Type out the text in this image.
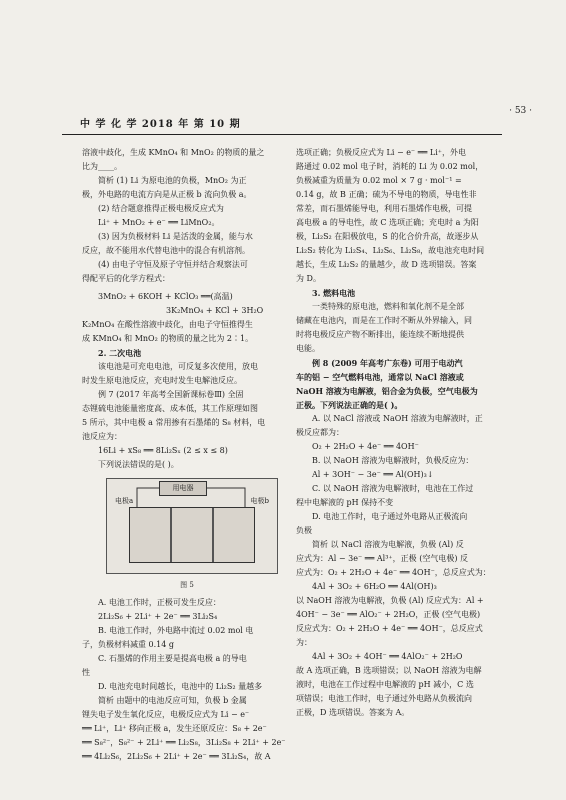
中 学 化 学 2018 年 第 10 期
· 53 ·

溶液中歧化，生成 KMnO₄ 和 MnO₂ 的物质的量之

比为____。

简析 (1) Li 为原电池的负极，MnO₂ 为正

极，外电路的电流方向是从正极 b 流向负极 a。

(2) 结合题意推得正极电极反应式为

Li⁺ + MnO₂ + e⁻ ══ LiMnO₂。

(3) 因为负极材料 Li 是活泼的金属，能与水

反应，故不能用水代替电池中的混合有机溶剂。

(4) 由电子守恒及原子守恒并结合观察法可

得配平后的化学方程式：

3MnO₂ + 6KOH + KClO₃ ══(高温)

3K₂MnO₄ + KCl + 3H₂O

K₂MnO₄ 在酸性溶液中歧化，由电子守恒推得生

成 KMnO₄ 和 MnO₂ 的物质的量之比为 2∶1。

2. 二次电池

该电池是可充电电池，可反复多次使用，放电

时发生原电池反应，充电时发生电解池反应。

例 7 (2017 年高考全国新课标卷Ⅲ) 全固

态锂硫电池能量密度高、成本低，其工作原理如图

5 所示，其中电极 a 常用掺有石墨烯的 S₈ 材料，电

池反应为：

16Li + xS₈ ══ 8Li₂Sₓ (2 ≤ x ≤ 8)

下列说法错误的是( )。

用电器
电极a	电极b
图 5

A. 电池工作时，正极可发生反应：

2Li₂S₆ + 2Li⁺ + 2e⁻ ══ 3Li₂S₄

B. 电池工作时，外电路中流过 0.02 mol 电

子，负极材料减重 0.14 g

C. 石墨烯的作用主要是提高电极 a 的导电

性

D. 电池充电时间越长，电池中的 Li₂S₂ 量越多

简析 由题中的电池反应可知，负极 b 金属

锂失电子发生氧化反应，电极反应式为 Li − e⁻

══ Li⁺，Li⁺ 移向正极 a，发生还原反应：S₈ + 2e⁻

══ S₈²⁻，S₈²⁻ + 2Li⁺ ══ Li₂S₈，3Li₂S₈ + 2Li⁺ + 2e⁻

══ 4Li₂S₆，2Li₂S₆ + 2Li⁺ + 2e⁻ ══ 3Li₂S₄，故 A

选项正确；负极反应式为 Li − e⁻ ══ Li⁺，外电

路通过 0.02 mol 电子时，消耗的 Li 为 0.02 mol，

负极减重为质量为 0.02 mol × 7 g · mol⁻¹ =

0.14 g，故 B 正确；硫为不导电的物质，导电性非

常差，而石墨烯能导电，利用石墨烯作电极，可提

高电极 a 的导电性，故 C 选项正确；充电时 a 为阳

极，Li₂S₂ 在阳极放电，S 的化合价升高，故逐步从

Li₂S₂ 转化为 Li₂S₄、Li₂S₆、Li₂S₈，故电池充电时间

越长，生成 Li₂S₂ 的量越少，故 D 选项错误。答案

为 D。

3. 燃料电池

一类特殊的原电池，燃料和氧化剂不是全部

储藏在电池内，而是在工作时不断从外界输入，同

时将电极反应产物不断排出，能连续不断地提供

电能。

例 8 (2009 年高考广东卷) 可用于电动汽

车的铝 − 空气燃料电池，通常以 NaCl 溶液或

NaOH 溶液为电解液，铝合金为负极，空气电极为

正极。下列说法正确的是( )。

A. 以 NaCl 溶液或 NaOH 溶液为电解液时，正

极反应都为：

O₂ + 2H₂O + 4e⁻ ══ 4OH⁻

B. 以 NaOH 溶液为电解液时，负极反应为：

Al + 3OH⁻ − 3e⁻ ══ Al(OH)₃↓

C. 以 NaOH 溶液为电解液时，电池在工作过

程中电解液的 pH 保持不变

D. 电池工作时，电子通过外电路从正极流向

负极

简析 以 NaCl 溶液为电解液，负极 (Al) 反

应式为：Al − 3e⁻ ══ Al³⁺，正极 (空气电极) 反

应式为：O₂ + 2H₂O + 4e⁻ ══ 4OH⁻，总反应式为：

4Al + 3O₂ + 6H₂O ══ 4Al(OH)₃

以 NaOH 溶液为电解液，负极 (Al) 反应式为：Al +

4OH⁻ − 3e⁻ ══ AlO₂⁻ + 2H₂O，正极 (空气电极)

反应式为：O₂ + 2H₂O + 4e⁻ ══ 4OH⁻，总反应式

为：

4Al + 3O₂ + 4OH⁻ ══ 4AlO₂⁻ + 2H₂O

故 A 选项正确，B 选项错误；以 NaOH 溶液为电解

液时，电池在工作过程中电解液的 pH 减小，C 选

项错误；电池工作时，电子通过外电路从负极流向

正极，D 选项错误。答案为 A。
